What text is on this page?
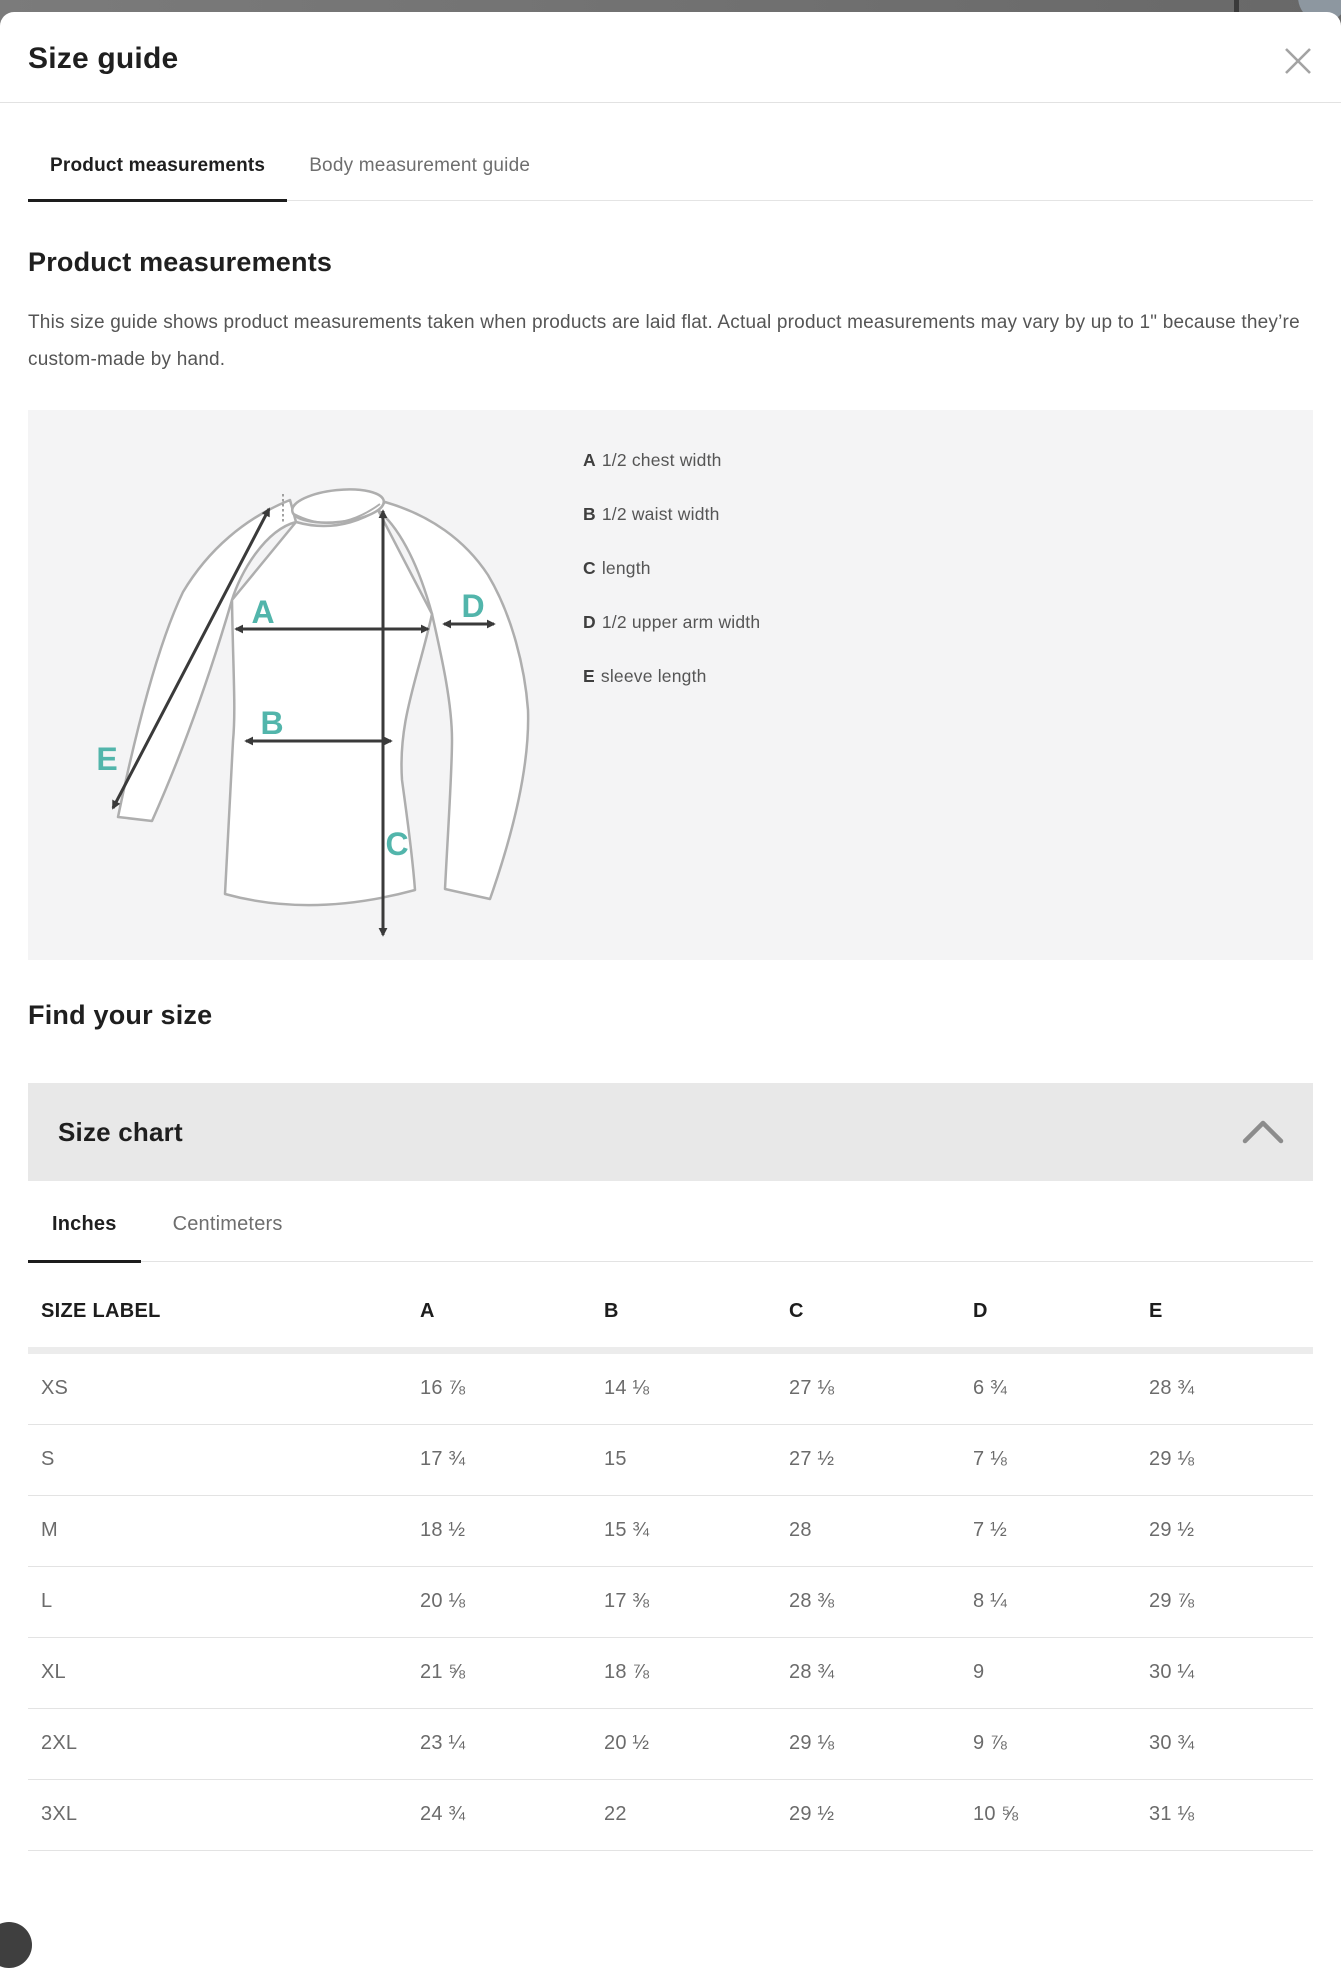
Size guide
Product measurements	Body measurement guide
Product measurements

This size guide shows product measurements taken when products are laid flat. Actual product measurements may vary by up to 1" because they’re custom-made by hand.

A
B
C
D
E
A 1/2 chest width
B 1/2 waist width
C length
D 1/2 upper arm width
E sleeve length
Find your size
Size chart
Inches	Centimeters
SIZE LABEL	A	B	C	D	E
XS	16 ⅞	14 ⅛	27 ⅛	6 ¾	28 ¾
S	17 ¾	15	27 ½	7 ⅛	29 ⅛
M	18 ½	15 ¾	28	7 ½	29 ½
L	20 ⅛	17 ⅜	28 ⅜	8 ¼	29 ⅞
XL	21 ⅝	18 ⅞	28 ¾	9	30 ¼
2XL	23 ¼	20 ½	29 ⅛	9 ⅞	30 ¾
3XL	24 ¾	22	29 ½	10 ⅝	31 ⅛
